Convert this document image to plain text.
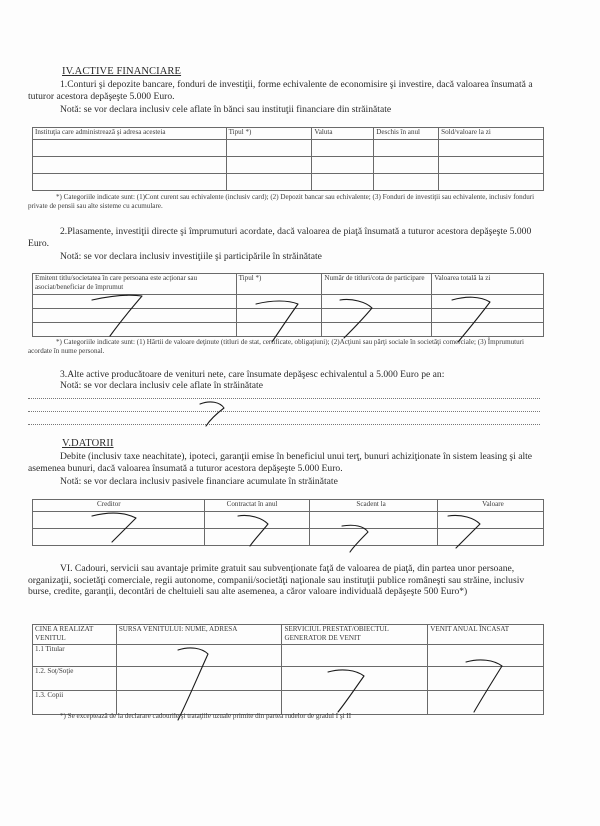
IV.ACTIVE FINANCIARE
1.Conturi şi depozite bancare, fonduri de investiţii, forme echivalente de economisire şi investire, dacă valoarea însumată a tuturor acestora depăşeşte 5.000 Euro.
Notă: se vor declara inclusiv cele aflate în bănci sau instituţii financiare din străinătate
Instituţia care administrează şi adresa acesteia	Tipul *)	Valuta	Deschis în anul	Sold/valoare la zi

*) Categoriile indicate sunt: (1)Cont curent sau echivalente (inclusiv card); (2) Depozit bancar sau echivalente; (3) Fonduri de investiţii sau echivalente, inclusiv fonduri private de pensii sau alte sisteme cu acumulare.
2.Plasamente, investiţii directe şi împrumuturi acordate, dacă valoarea de piaţă însumată a tuturor acestora depăşeşte 5.000 Euro.
Notă: se vor declara inclusiv investiţiile şi participările în străinătate
Emitent titlu/societatea în care persoana este acţionar sau asociat/beneficiar de împrumut	Tipul *)	Număr de titluri/cota de participare	Valoarea totală la zi

*) Categoriile indicate sunt: (1) Hârtii de valoare deţinute (titluri de stat, certificate, obligaţiuni); (2)Acţiuni sau părţi sociale în societăţi comerciale; (3) Împrumuturi acordate în nume personal.
3.Alte active producătoare de venituri nete, care însumate depăşesc echivalentul a 5.000 Euro pe an:
Notă: se vor declara inclusiv cele aflate în străinătate
V.DATORII
Debite (inclusiv taxe neachitate), ipoteci, garanţii emise în beneficiul unui terţ, bunuri achiziţionate în sistem leasing şi alte asemenea bunuri, dacă valoarea însumată a tuturor acestora depăşeşte 5.000 Euro.
Notă: se vor declara inclusiv pasivele financiare acumulate în străinătate
Creditor	Contractat în anul	Scadent la	Valoare

VI. Cadouri, servicii sau avantaje primite gratuit sau subvenţionate faţă de valoarea de piaţă, din partea unor persoane, organizaţii, societăţi comerciale, regii autonome, companii/societăţi naţionale sau instituţii publice româneşti sau străine, inclusiv burse, credite, garanţii, decontări de cheltuieli sau alte asemenea, a căror valoare individuală depăşeşte 500 Euro*)
CINE A REALIZAT VENITUL	SURSA VENITULUI: NUME, ADRESA	SERVICIUL PRESTAT/OBIECTUL GENERATOR DE VENIT	VENIT ANUAL ÎNCASAT
1.1 Titular			
1.2. Soţ/Soţie			
1.3. Copii			
*) Se exceptează de la declarare cadourile şi trataţiile uzuale primite din partea rudelor de gradul I şi II
